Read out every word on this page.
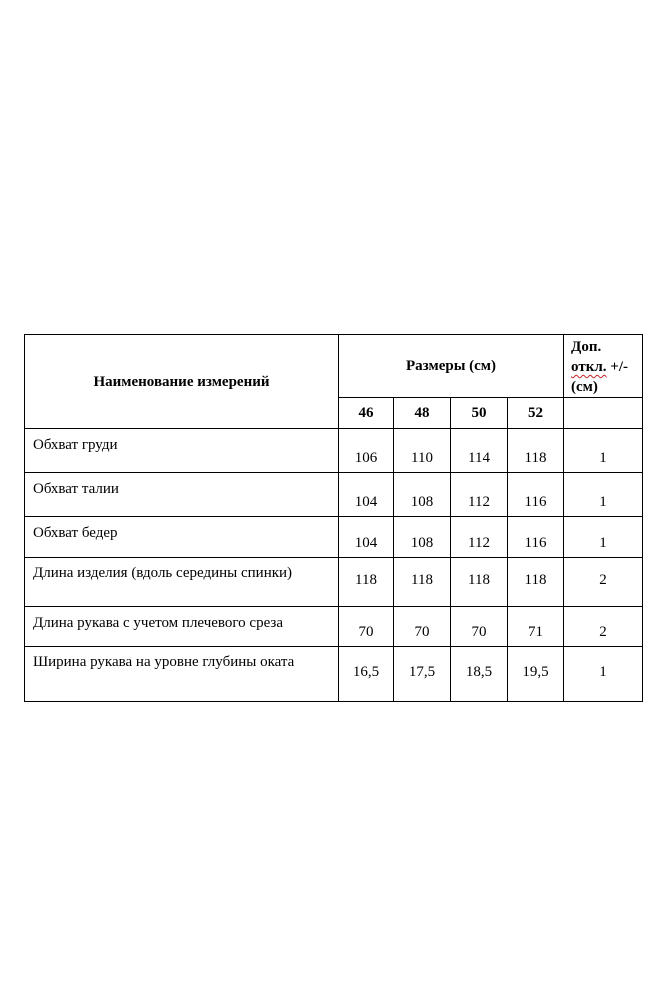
Наименование измерений	Размеры (см)				Доп.
откл. +/-
(см)
	46	48	50	52	
Обхват груди	106	110	114	118	1
Обхват талии	104	108	112	116	1
Обхват бедер	104	108	112	116	1
Длина изделия (вдоль середины спинки)	118	118	118	118	2
Длина рукава с учетом плечевого среза	70	70	70	71	2
Ширина рукава на уровне глубины оката	16,5	17,5	18,5	19,5	1
